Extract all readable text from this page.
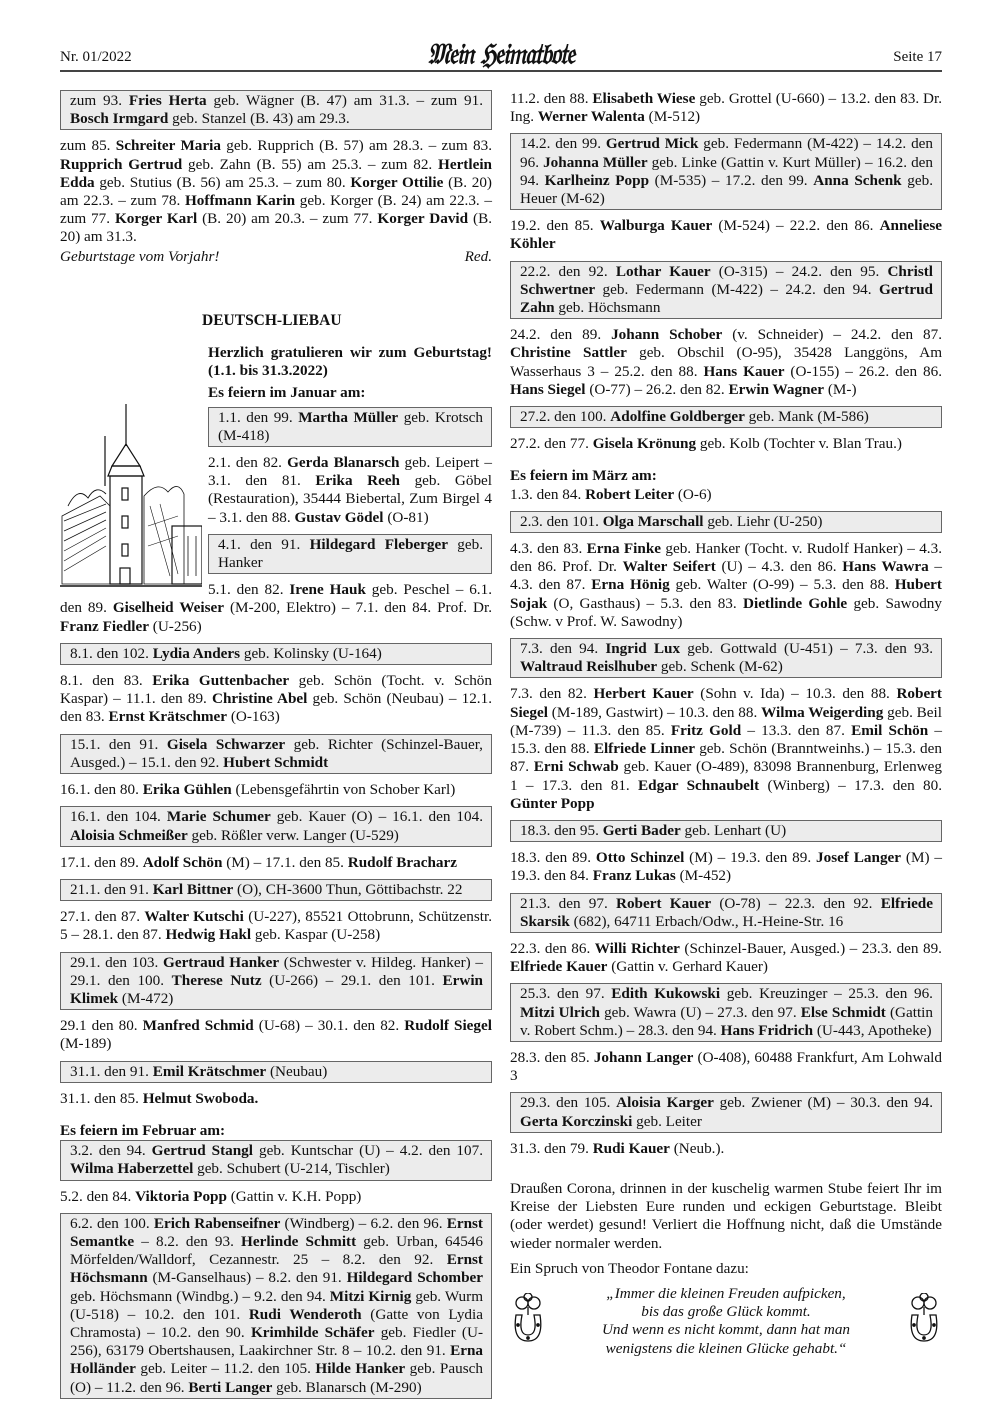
Nr. 01/2022	𝔐𝔢𝔦𝔫 ℌ𝔢𝔦𝔪𝔞𝔱𝔟𝔬𝔱𝔢	Seite 17
zum 93. Fries Herta geb. Wägner (B. 47) am 31.3. – zum 91. Bosch Irmgard geb. Stanzel (B. 43) am 29.3.
zum 85. Schreiter Maria geb. Rupprich (B. 57) am 28.3. – zum 83. Rupprich Gertrud geb. Zahn (B. 55) am 25.3. – zum 82. Hertlein Edda geb. Stutius (B. 56) am 25.3. – zum 80. Korger Ottilie (B. 20) am 22.3. – zum 78. Hoffmann Karin geb. Korger (B. 24) am 22.3. – zum 77. Korger Karl (B. 20) am 20.3. – zum 77. Korger David (B. 20) am 31.3.
Geburtstage vom Vorjahr!	Red.
DEUTSCH-LIEBAU
Herzlich gratulieren wir zum Geburtstag! (1.1. bis 31.3.2022)
Es feiern im Januar am:
1.1. den 99. Martha Müller geb. Krotsch (M-418)
2.1. den 82. Gerda Blanarsch geb. Leipert – 3.1. den 81. Erika Reeh geb. Göbel (Restauration), 35444 Biebertal, Zum Birgel 4 – 3.1. den 88. Gustav Gödel (O-81)
4.1. den 91. Hildegard Fleberger geb. Hanker
5.1. den 82. Irene Hauk geb. Peschel – 6.1. den 89. Giselheid Weiser (M-200, Elektro) – 7.1. den 84. Prof. Dr. Franz Fiedler (U-256)
8.1. den 102. Lydia Anders geb. Kolinsky (U-164)
8.1. den 83. Erika Guttenbacher geb. Schön (Tocht. v. Schön Kaspar) – 11.1. den 89. Christine Abel geb. Schön (Neubau) – 12.1. den 83. Ernst Krätschmer (O-163)
15.1. den 91. Gisela Schwarzer geb. Richter (Schinzel-Bauer, Ausged.) – 15.1. den 92. Hubert Schmidt
16.1. den 80. Erika Gühlen (Lebensgefährtin von Schober Karl)
16.1. den 104. Marie Schumer geb. Kauer (O) – 16.1. den 104. Aloisia Schmeißer geb. Rößler verw. Langer (U-529)
17.1. den 89. Adolf Schön (M) – 17.1. den 85. Rudolf Bracharz
21.1. den 91. Karl Bittner (O), CH-3600 Thun, Göttibachstr. 22
27.1. den 87. Walter Kutschi (U-227), 85521 Ottobrunn, Schützenstr. 5 – 28.1. den 87. Hedwig Hakl geb. Kaspar (U-258)
29.1. den 103. Gertraud Hanker (Schwester v. Hildeg. Hanker) – 29.1. den 100. Therese Nutz (U-266) – 29.1. den 101. Erwin Klimek (M-472)
29.1 den 80. Manfred Schmid (U-68) – 30.1. den 82. Rudolf Siegel (M-189)
31.1. den 91. Emil Krätschmer (Neubau)
31.1. den 85. Helmut Swoboda.
Es feiern im Februar am:
3.2. den 94. Gertrud Stangl geb. Kuntschar (U) – 4.2. den 107. Wilma Haberzettel geb. Schubert (U-214, Tischler)
5.2. den 84. Viktoria Popp (Gattin v. K.H. Popp)
6.2. den 100. Erich Rabenseifner (Windberg) – 6.2. den 96. Ernst Semantke – 8.2. den 93. Herlinde Schmitt geb. Urban, 64546 Mörfelden/Walldorf, Cezannestr. 25 – 8.2. den 92. Ernst Höchsmann (M-Ganselhaus) – 8.2. den 91. Hildegard Schomber geb. Höchsmann (Windbg.) – 9.2. den 94. Mitzi Kirnig geb. Wurm (U-518) – 10.2. den 101. Rudi Wenderoth (Gatte von Lydia Chramosta) – 10.2. den 90. Krimhilde Schäfer geb. Fiedler (U-256), 63179 Obertshausen, Laakirchner Str. 8 – 10.2. den 91. Erna Holländer geb. Leiter – 11.2. den 105. Hilde Hanker geb. Pausch (O) – 11.2. den 96. Berti Langer geb. Blanarsch (M-290)
11.2. den 88. Elisabeth Wiese geb. Grottel (U-660) – 13.2. den 83. Dr. Ing. Werner Walenta (M-512)
14.2. den 99. Gertrud Mick geb. Federmann (M-422) – 14.2. den 96. Johanna Müller geb. Linke (Gattin v. Kurt Müller) – 16.2. den 94. Karlheinz Popp (M-535) – 17.2. den 99. Anna Schenk geb. Heuer (M-62)
19.2. den 85. Walburga Kauer (M-524) – 22.2. den 86. Anneliese Köhler
22.2. den 92. Lothar Kauer (O-315) – 24.2. den 95. Christl Schwertner geb. Federmann (M-422) – 24.2. den 94. Gertrud Zahn geb. Höchsmann
24.2. den 89. Johann Schober (v. Schneider) – 24.2. den 87. Christine Sattler geb. Obschil (O-95), 35428 Langgöns, Am Wasserhaus 3 – 25.2. den 88. Hans Kauer (O-155) – 26.2. den 86. Hans Siegel (O-77) – 26.2. den 82. Erwin Wagner (M-)
27.2. den 100. Adolfine Goldberger geb. Mank (M-586)
27.2. den 77. Gisela Krönung geb. Kolb (Tochter v. Blan Trau.)
Es feiern im März am:
1.3. den 84. Robert Leiter (O-6)
2.3. den 101. Olga Marschall geb. Liehr (U-250)
4.3. den 83. Erna Finke geb. Hanker (Tocht. v. Rudolf Hanker) – 4.3. den 86. Prof. Dr. Walter Seifert (U) – 4.3. den 86. Hans Wawra – 4.3. den 87. Erna Hönig geb. Walter (O-99) – 5.3. den 88. Hubert Sojak (O, Gasthaus) – 5.3. den 83. Dietlinde Gohle geb. Sawodny (Schw. v Prof. W. Sawodny)
7.3. den 94. Ingrid Lux geb. Gottwald (U-451) – 7.3. den 93. Waltraud Reislhuber geb. Schenk (M-62)
7.3. den 82. Herbert Kauer (Sohn v. Ida) – 10.3. den 88. Robert Siegel (M-189, Gastwirt) – 10.3. den 88. Wilma Weigerding geb. Beil (M-739) – 11.3. den 85. Fritz Gold – 13.3. den 87. Emil Schön – 15.3. den 88. Elfriede Linner geb. Schön (Branntweinhs.) – 15.3. den 87. Erni Schwab geb. Kauer (O-489), 83098 Brannenburg, Erlenweg 1 – 17.3. den 81. Edgar Schnaubelt (Winberg) – 17.3. den 80. Günter Popp
18.3. den 95. Gerti Bader geb. Lenhart (U)
18.3. den 89. Otto Schinzel (M) – 19.3. den 89. Josef Langer (M) – 19.3. den 84. Franz Lukas (M-452)
21.3. den 97. Robert Kauer (O-78) – 22.3. den 92. Elfriede Skarsik (682), 64711 Erbach/Odw., H.-Heine-Str. 16
22.3. den 86. Willi Richter (Schinzel-Bauer, Ausged.) – 23.3. den 89. Elfriede Kauer (Gattin v. Gerhard Kauer)
25.3. den 97. Edith Kukowski geb. Kreuzinger – 25.3. den 96. Mitzi Ulrich geb. Wawra (U) – 27.3. den 97. Else Schmidt (Gattin v. Robert Schm.) – 28.3. den 94. Hans Fridrich (U-443, Apotheke)
28.3. den 85. Johann Langer (O-408), 60488 Frankfurt, Am Lohwald 3
29.3. den 105. Aloisia Karger geb. Zwiener (M) – 30.3. den 94. Gerta Korczinski geb. Leiter
31.3. den 79. Rudi Kauer (Neub.).
Draußen Corona, drinnen in der kuschelig warmen Stube feiert Ihr im Kreise der Liebsten Eure runden und eckigen Geburtstage. Bleibt (oder werdet) gesund! Verliert die Hoffnung nicht, daß die Umstände wieder normaler werden.
Ein Spruch von Theodor Fontane dazu:
„Immer die kleinen Freuden aufpicken,
bis das große Glück kommt.
Und wenn es nicht kommt, dann hat man
wenigstens die kleinen Glücke gehabt.“
